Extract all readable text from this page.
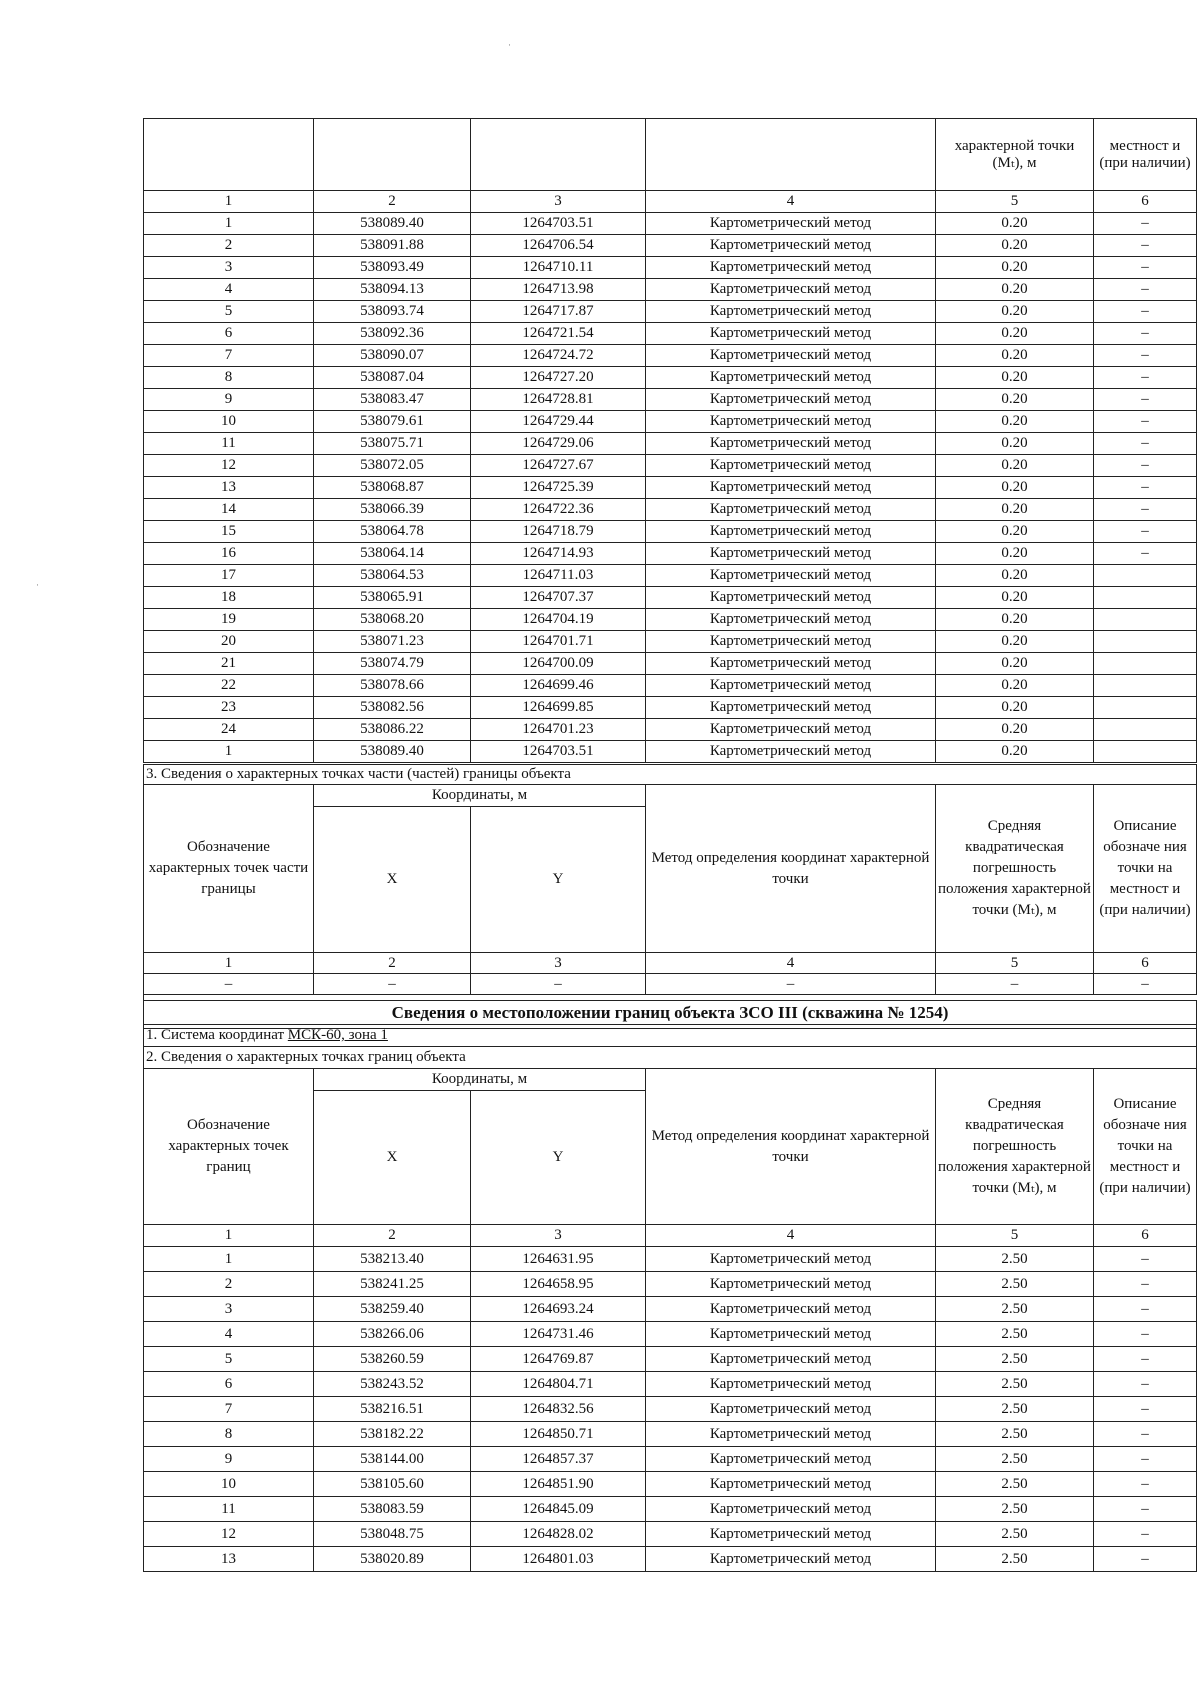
				характерной точки (Mₜ), м	местност и (при наличии)
1	2	3	4	5	6
1	538089.40	1264703.51	Картометрический метод	0.20	–
2	538091.88	1264706.54	Картометрический метод	0.20	–
3	538093.49	1264710.11	Картометрический метод	0.20	–
4	538094.13	1264713.98	Картометрический метод	0.20	–
5	538093.74	1264717.87	Картометрический метод	0.20	–
6	538092.36	1264721.54	Картометрический метод	0.20	–
7	538090.07	1264724.72	Картометрический метод	0.20	–
8	538087.04	1264727.20	Картометрический метод	0.20	–
9	538083.47	1264728.81	Картометрический метод	0.20	–
10	538079.61	1264729.44	Картометрический метод	0.20	–
11	538075.71	1264729.06	Картометрический метод	0.20	–
12	538072.05	1264727.67	Картометрический метод	0.20	–
13	538068.87	1264725.39	Картометрический метод	0.20	–
14	538066.39	1264722.36	Картометрический метод	0.20	–
15	538064.78	1264718.79	Картометрический метод	0.20	–
16	538064.14	1264714.93	Картометрический метод	0.20	–
17	538064.53	1264711.03	Картометрический метод	0.20	
18	538065.91	1264707.37	Картометрический метод	0.20	
19	538068.20	1264704.19	Картометрический метод	0.20	
20	538071.23	1264701.71	Картометрический метод	0.20	
21	538074.79	1264700.09	Картометрический метод	0.20	
22	538078.66	1264699.46	Картометрический метод	0.20	
23	538082.56	1264699.85	Картометрический метод	0.20	
24	538086.22	1264701.23	Картометрический метод	0.20	
1	538089.40	1264703.51	Картометрический метод	0.20	
3. Сведения о характерных точках части (частей) границы объекта					
Обозначение характерных точек части границы	Координаты, м		Метод определения координат характерной точки	Средняя квадратическая погрешность положения характерной точки (Mₜ), м	Описание обозначе ния точки на местност и (при наличии)
	X	Y			
1	2	3	4	5	6
–	–	–	–	–	–

Сведения о местоположении границ объекта ЗСО III (скважина № 1254)					
1. Система координат МСК-60, зона 1					
2. Сведения о характерных точках границ объекта					
Обозначение характерных точек границ	Координаты, м		Метод определения координат характерной точки	Средняя квадратическая погрешность положения характерной точки (Mₜ), м	Описание обозначе ния точки на местност и (при наличии)
	X	Y			
1	2	3	4	5	6
1	538213.40	1264631.95	Картометрический метод	2.50	–
2	538241.25	1264658.95	Картометрический метод	2.50	–
3	538259.40	1264693.24	Картометрический метод	2.50	–
4	538266.06	1264731.46	Картометрический метод	2.50	–
5	538260.59	1264769.87	Картометрический метод	2.50	–
6	538243.52	1264804.71	Картометрический метод	2.50	–
7	538216.51	1264832.56	Картометрический метод	2.50	–
8	538182.22	1264850.71	Картометрический метод	2.50	–
9	538144.00	1264857.37	Картометрический метод	2.50	–
10	538105.60	1264851.90	Картометрический метод	2.50	–
11	538083.59	1264845.09	Картометрический метод	2.50	–
12	538048.75	1264828.02	Картометрический метод	2.50	–
13	538020.89	1264801.03	Картометрический метод	2.50	–
·
·
